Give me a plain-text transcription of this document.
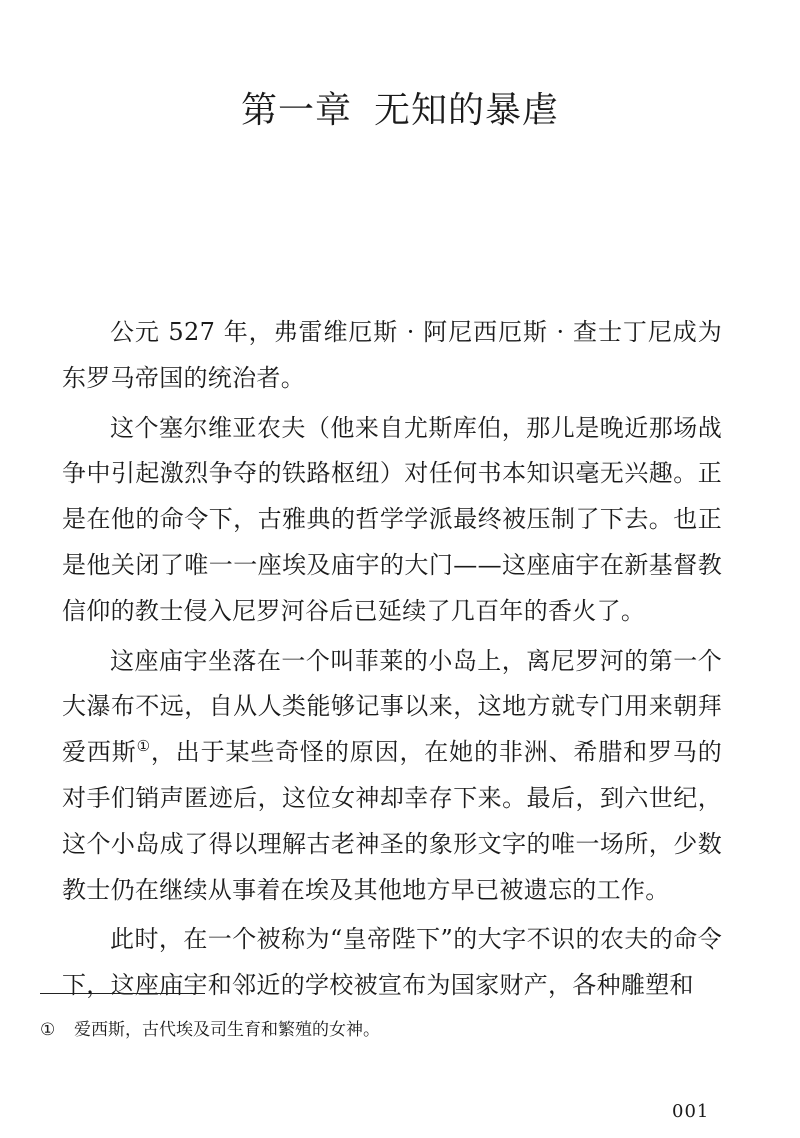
第一章 无知的暴虐

公元 527 年，弗雷维厄斯 · 阿尼西厄斯 · 查士丁尼成为东罗马帝国的统治者。

这个塞尔维亚农夫（他来自尤斯库伯，那儿是晚近那场战争中引起激烈争夺的铁路枢纽）对任何书本知识毫无兴趣。正是在他的命令下，古雅典的哲学学派最终被压制了下去。也正是他关闭了唯一一座埃及庙宇的大门——这座庙宇在新基督教信仰的教士侵入尼罗河谷后已延续了几百年的香火了。

这座庙宇坐落在一个叫菲莱的小岛上，离尼罗河的第一个大瀑布不远，自从人类能够记事以来，这地方就专门用来朝拜爱西斯①，出于某些奇怪的原因，在她的非洲、希腊和罗马的对手们销声匿迹后，这位女神却幸存下来。最后，到六世纪，这个小岛成了得以理解古老神圣的象形文字的唯一场所，少数教士仍在继续从事着在埃及其他地方早已被遗忘的工作。

此时，在一个被称为“皇帝陛下”的大字不识的农夫的命令下，这座庙宇和邻近的学校被宣布为国家财产，各种雕塑和

① 爱西斯，古代埃及司生育和繁殖的女神。
001
